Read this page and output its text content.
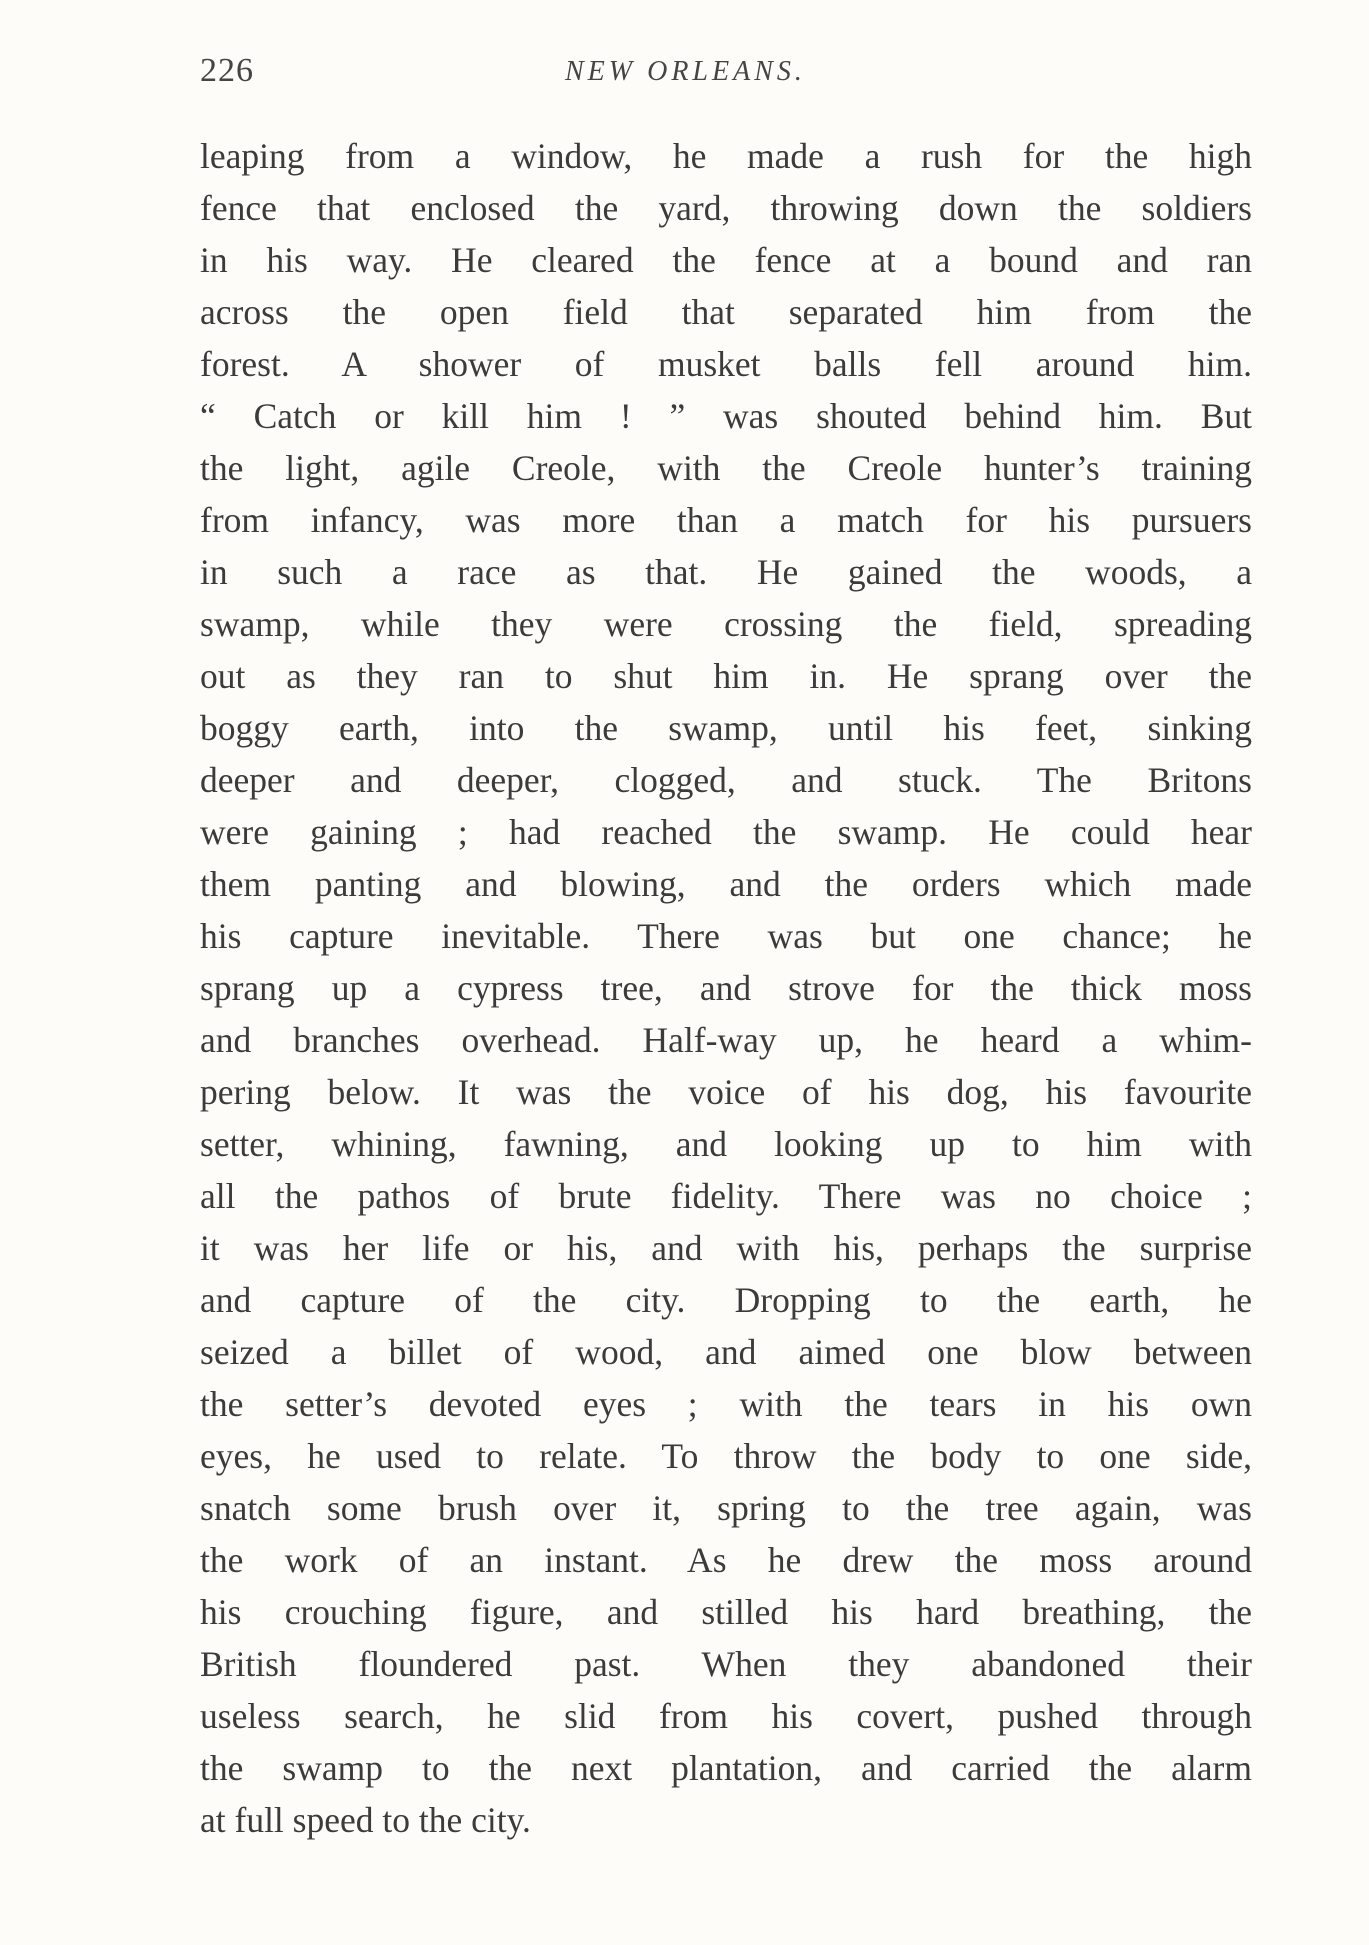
226	NEW ORLEANS.
leaping from a window, he made a rush for the high
fence that enclosed the yard, throwing down the soldiers
in his way. He cleared the fence at a bound and ran
across the open field that separated him from the
forest. A shower of musket balls fell around him.
“ Catch or kill him ! ” was shouted behind him. But
the light, agile Creole, with the Creole hunter’s training
from infancy, was more than a match for his pursuers
in such a race as that. He gained the woods, a
swamp, while they were crossing the field, spreading
out as they ran to shut him in. He sprang over the
boggy earth, into the swamp, until his feet, sinking
deeper and deeper, clogged, and stuck. The Britons
were gaining ; had reached the swamp. He could hear
them panting and blowing, and the orders which made
his capture inevitable. There was but one chance; he
sprang up a cypress tree, and strove for the thick moss
and branches overhead. Half-way up, he heard a whim-
pering below. It was the voice of his dog, his favourite
setter, whining, fawning, and looking up to him with
all the pathos of brute fidelity. There was no choice ;
it was her life or his, and with his, perhaps the surprise
and capture of the city. Dropping to the earth, he
seized a billet of wood, and aimed one blow between
the setter’s devoted eyes ; with the tears in his own
eyes, he used to relate. To throw the body to one side,
snatch some brush over it, spring to the tree again, was
the work of an instant. As he drew the moss around
his crouching figure, and stilled his hard breathing, the
British floundered past. When they abandoned their
useless search, he slid from his covert, pushed through
the swamp to the next plantation, and carried the alarm
at full speed to the city.
